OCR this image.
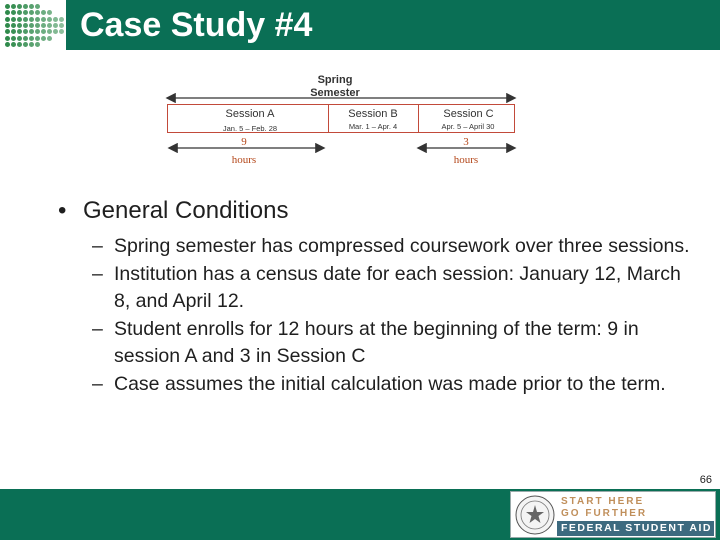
Case Study #4
Spring Semester
Session A
Jan. 5 – Feb. 28
Session B
Mar. 1 – Apr. 4
Session C
Apr. 5 – April 30
9
hours
3
hours
• General Conditions
– Spring semester has compressed coursework over three sessions.
– Institution has a census date for each session: January 12, March 8, and April 12.
– Student enrolls for 12 hours at the beginning of the term: 9 in session A and 3 in Session C
– Case assumes the initial calculation was made prior to the term.
66
START HERE
GO FURTHER
FEDERAL STUDENT AID
